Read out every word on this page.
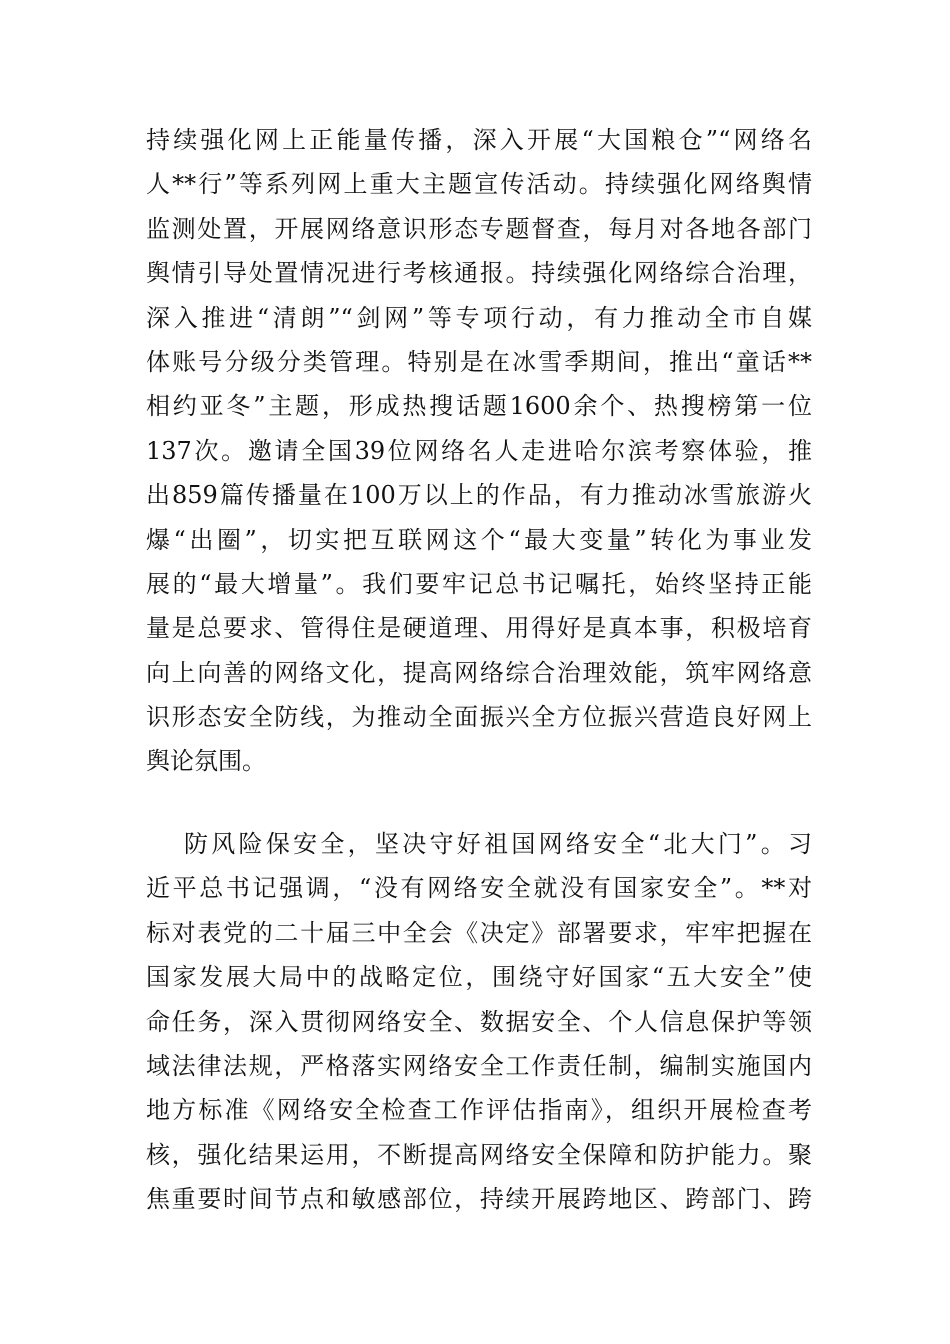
持续强化网上正能量传播，深入开展“大国粮仓”“网络名
人**行”等系列网上重大主题宣传活动。持续强化网络舆情
监测处置，开展网络意识形态专题督查，每月对各地各部门
舆情引导处置情况进行考核通报。持续强化网络综合治理，
深入推进“清朗”“剑网”等专项行动，有力推动全市自媒
体账号分级分类管理。特别是在冰雪季期间，推出“童话**
相约亚冬”主题，形成热搜话题1600余个、热搜榜第一位
137次。邀请全国39位网络名人走进哈尔滨考察体验，推
出859篇传播量在100万以上的作品，有力推动冰雪旅游火
爆“出圈”，切实把互联网这个“最大变量”转化为事业发
展的“最大增量”。我们要牢记总书记嘱托，始终坚持正能
量是总要求、管得住是硬道理、用得好是真本事，积极培育
向上向善的网络文化，提高网络综合治理效能，筑牢网络意
识形态安全防线，为推动全面振兴全方位振兴营造良好网上
舆论氛围。
防风险保安全，坚决守好祖国网络安全“北大门”。习
近平总书记强调，“没有网络安全就没有国家安全”。**对
标对表党的二十届三中全会《决定》部署要求，牢牢把握在
国家发展大局中的战略定位，围绕守好国家“五大安全”使
命任务，深入贯彻网络安全、数据安全、个人信息保护等领
域法律法规，严格落实网络安全工作责任制，编制实施国内
地方标准《网络安全检查工作评估指南》，组织开展检查考
核，强化结果运用，不断提高网络安全保障和防护能力。聚
焦重要时间节点和敏感部位，持续开展跨地区、跨部门、跨
